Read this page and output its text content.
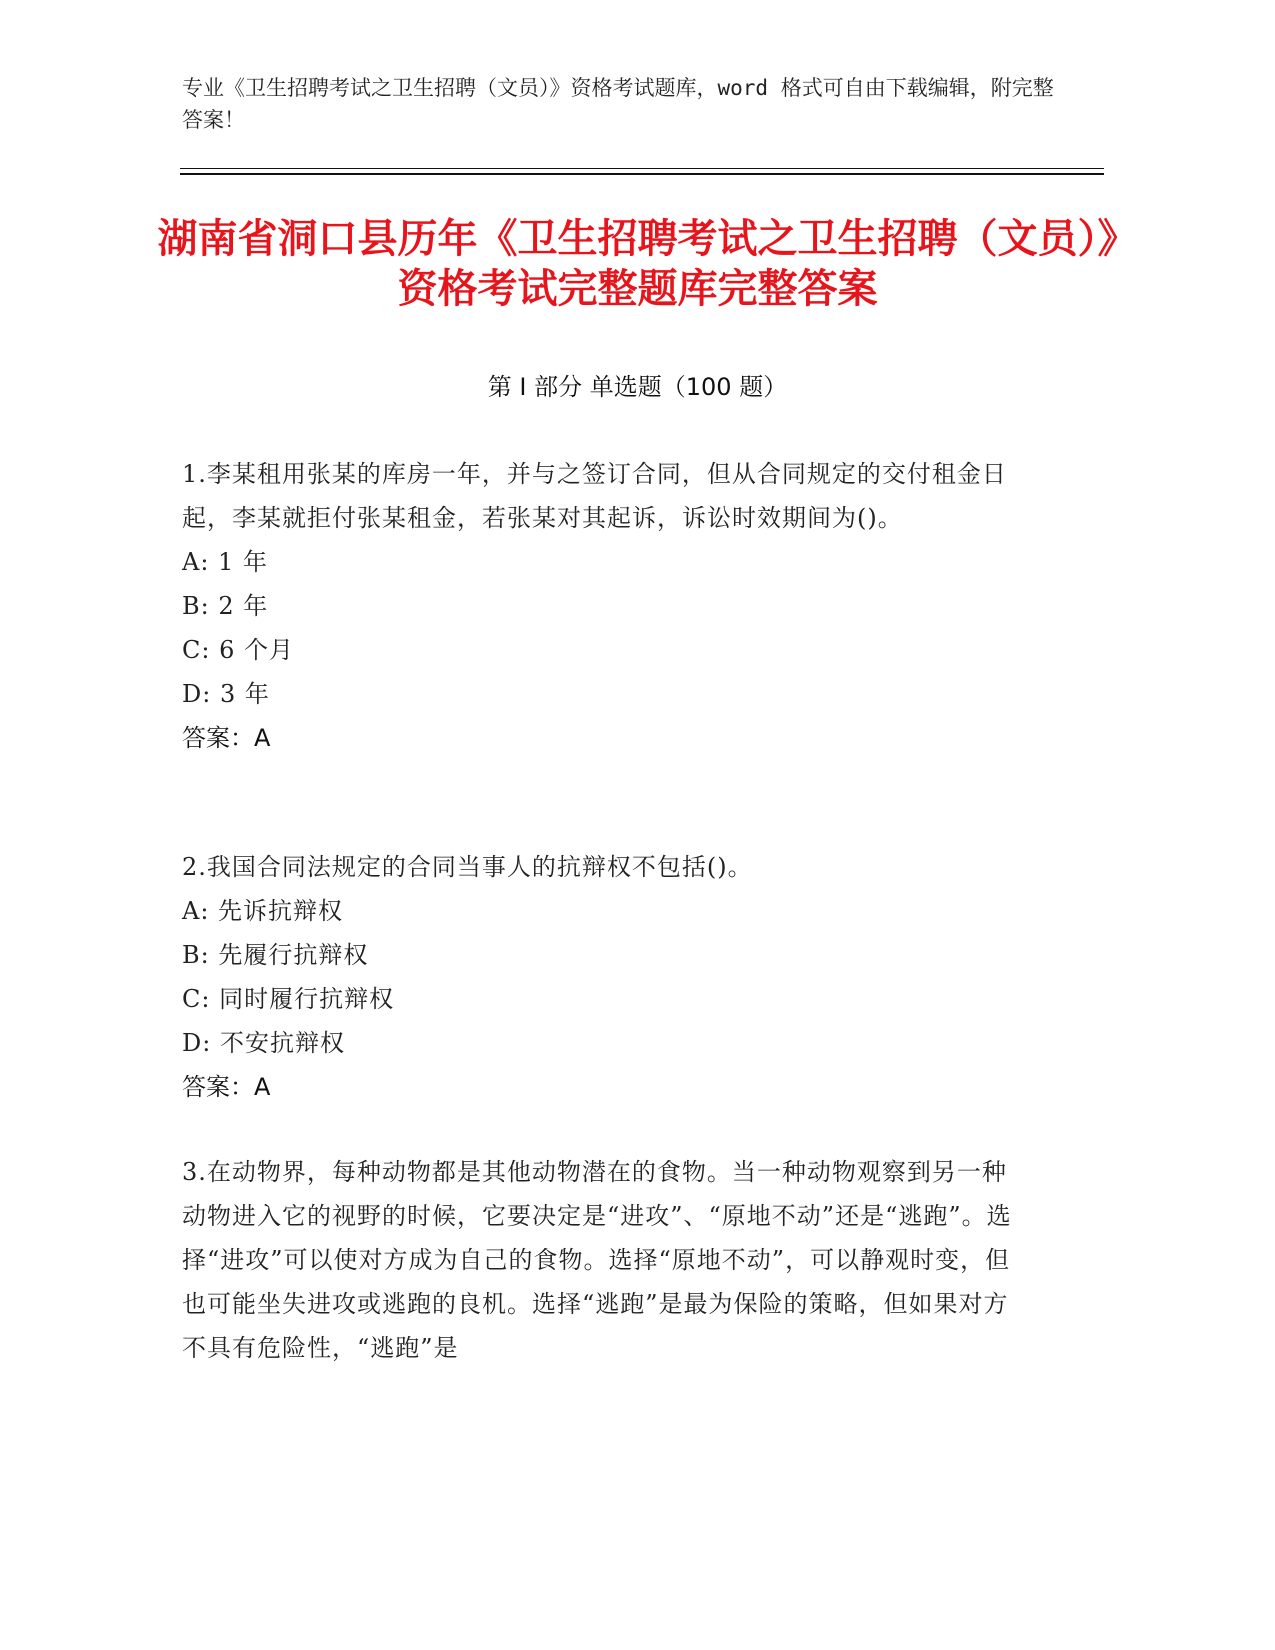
专业《卫生招聘考试之卫生招聘（文员）》资格考试题库，word 格式可自由下载编辑，附完整答案！
湖南省洞口县历年《卫生招聘考试之卫生招聘（文员）》资格考试完整题库完整答案
第 I 部分 单选题（100 题）
1.李某租用张某的库房一年，并与之签订合同，但从合同规定的交付租金日起，李某就拒付张某租金，若张某对其起诉，诉讼时效期间为()。
A: 1 年
B: 2 年
C: 6 个月
D: 3 年
答案：A
2.我国合同法规定的合同当事人的抗辩权不包括()。
A: 先诉抗辩权
B: 先履行抗辩权
C: 同时履行抗辩权
D: 不安抗辩权
答案：A
3.在动物界，每种动物都是其他动物潜在的食物。当一种动物观察到另一种动物进入它的视野的时候，它要决定是“进攻”、“原地不动”还是“逃跑”。选择“进攻”可以使对方成为自己的食物。选择“原地不动”，可以静观时变，但也可能坐失进攻或逃跑的良机。选择“逃跑”是最为保险的策略，但如果对方不具有危险性，“逃跑”是
